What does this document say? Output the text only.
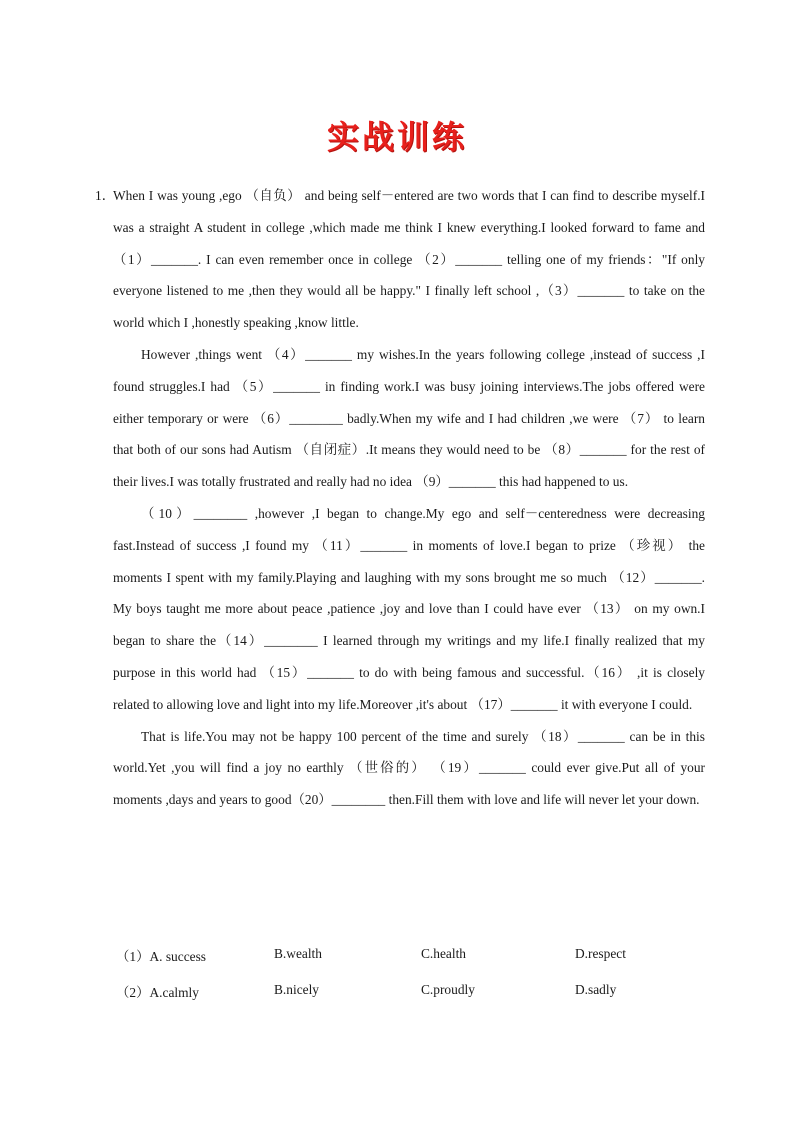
实战训练
1．

When I was young ,ego （自负） and being self－entered are two words that I can find to describe myself.I was a straight A student in college ,which made me think I knew everything.I looked forward to fame and （1）_______. I can even remember once in college （2）_______ telling one of my friends："If only everyone listened to me ,then they would all be happy." I finally left school ,（3）_______ to take on the world which I ,honestly speaking ,know little.

However ,things went （4）_______ my wishes.In the years following college ,instead of success ,I found struggles.I had （5）_______ in finding work.I was busy joining interviews.The jobs offered were either temporary or were （6）________ badly.When my wife and I had children ,we were （7） to learn that both of our sons had Autism （自闭症）.It means they would need to be （8）_______ for the rest of their lives.I was totally frustrated and really had no idea （9）_______ this had happened to us.

（10）________ ,however ,I began to change.My ego and self－centeredness were decreasing fast.Instead of success ,I found my （11）_______ in moments of love.I began to prize （珍视） the moments I spent with my family.Playing and laughing with my sons brought me so much （12）_______. My boys taught me more about peace ,patience ,joy and love than I could have ever （13） on my own.I began to share the（14）________ I learned through my writings and my life.I finally realized that my purpose in this world had （15）_______ to do with being famous and successful.（16） ,it is closely related to allowing love and light into my life.Moreover ,it's about （17）_______ it with everyone I could.

That is life.You may not be happy 100 percent of the time and surely （18）_______ can be in this world.Yet ,you will find a joy no earthly （世俗的） （19）_______ could ever give.Put all of your moments ,days and years to good（20）________ then.Fill them with love and life will never let your down.

（1）A. success	B.wealth	C.health	D.respect
（2）A.calmly	B.nicely	C.proudly	D.sadly
